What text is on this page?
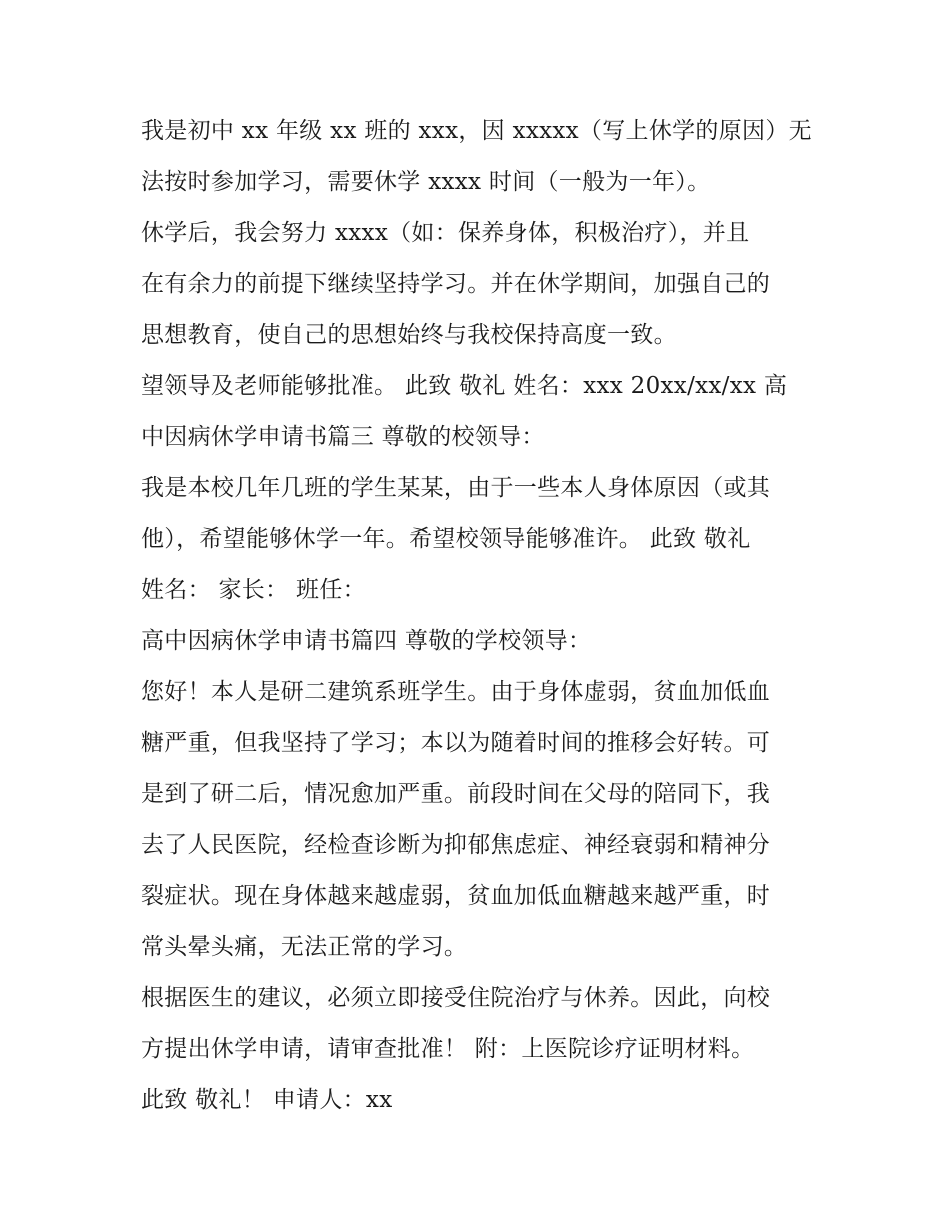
我是初中 xx 年级 xx 班的 xxx，因 xxxxx（写上休学的原因）无
法按时参加学习，需要休学 xxxx 时间（一般为一年）。
休学后，我会努力 xxxx（如：保养身体，积极治疗），并且
在有余力的前提下继续坚持学习。并在休学期间，加强自己的
思想教育，使自己的思想始终与我校保持高度一致。
望领导及老师能够批准。 此致 敬礼 姓名：xxx 20xx/xx/xx 高
中因病休学申请书篇三 尊敬的校领导：
我是本校几年几班的学生某某，由于一些本人身体原因（或其
他），希望能够休学一年。希望校领导能够准许。 此致 敬礼
姓名： 家长： 班任：
高中因病休学申请书篇四 尊敬的学校领导：
您好！本人是研二建筑系班学生。由于身体虚弱，贫血加低血
糖严重，但我坚持了学习；本以为随着时间的推移会好转。可
是到了研二后，情况愈加严重。前段时间在父母的陪同下，我
去了人民医院，经检查诊断为抑郁焦虑症、神经衰弱和精神分
裂症状。现在身体越来越虚弱，贫血加低血糖越来越严重，时
常头晕头痛，无法正常的学习。
根据医生的建议，必须立即接受住院治疗与休养。因此，向校
方提出休学申请，请审查批准！ 附：上医院诊疗证明材料。
此致 敬礼！ 申请人：xx
